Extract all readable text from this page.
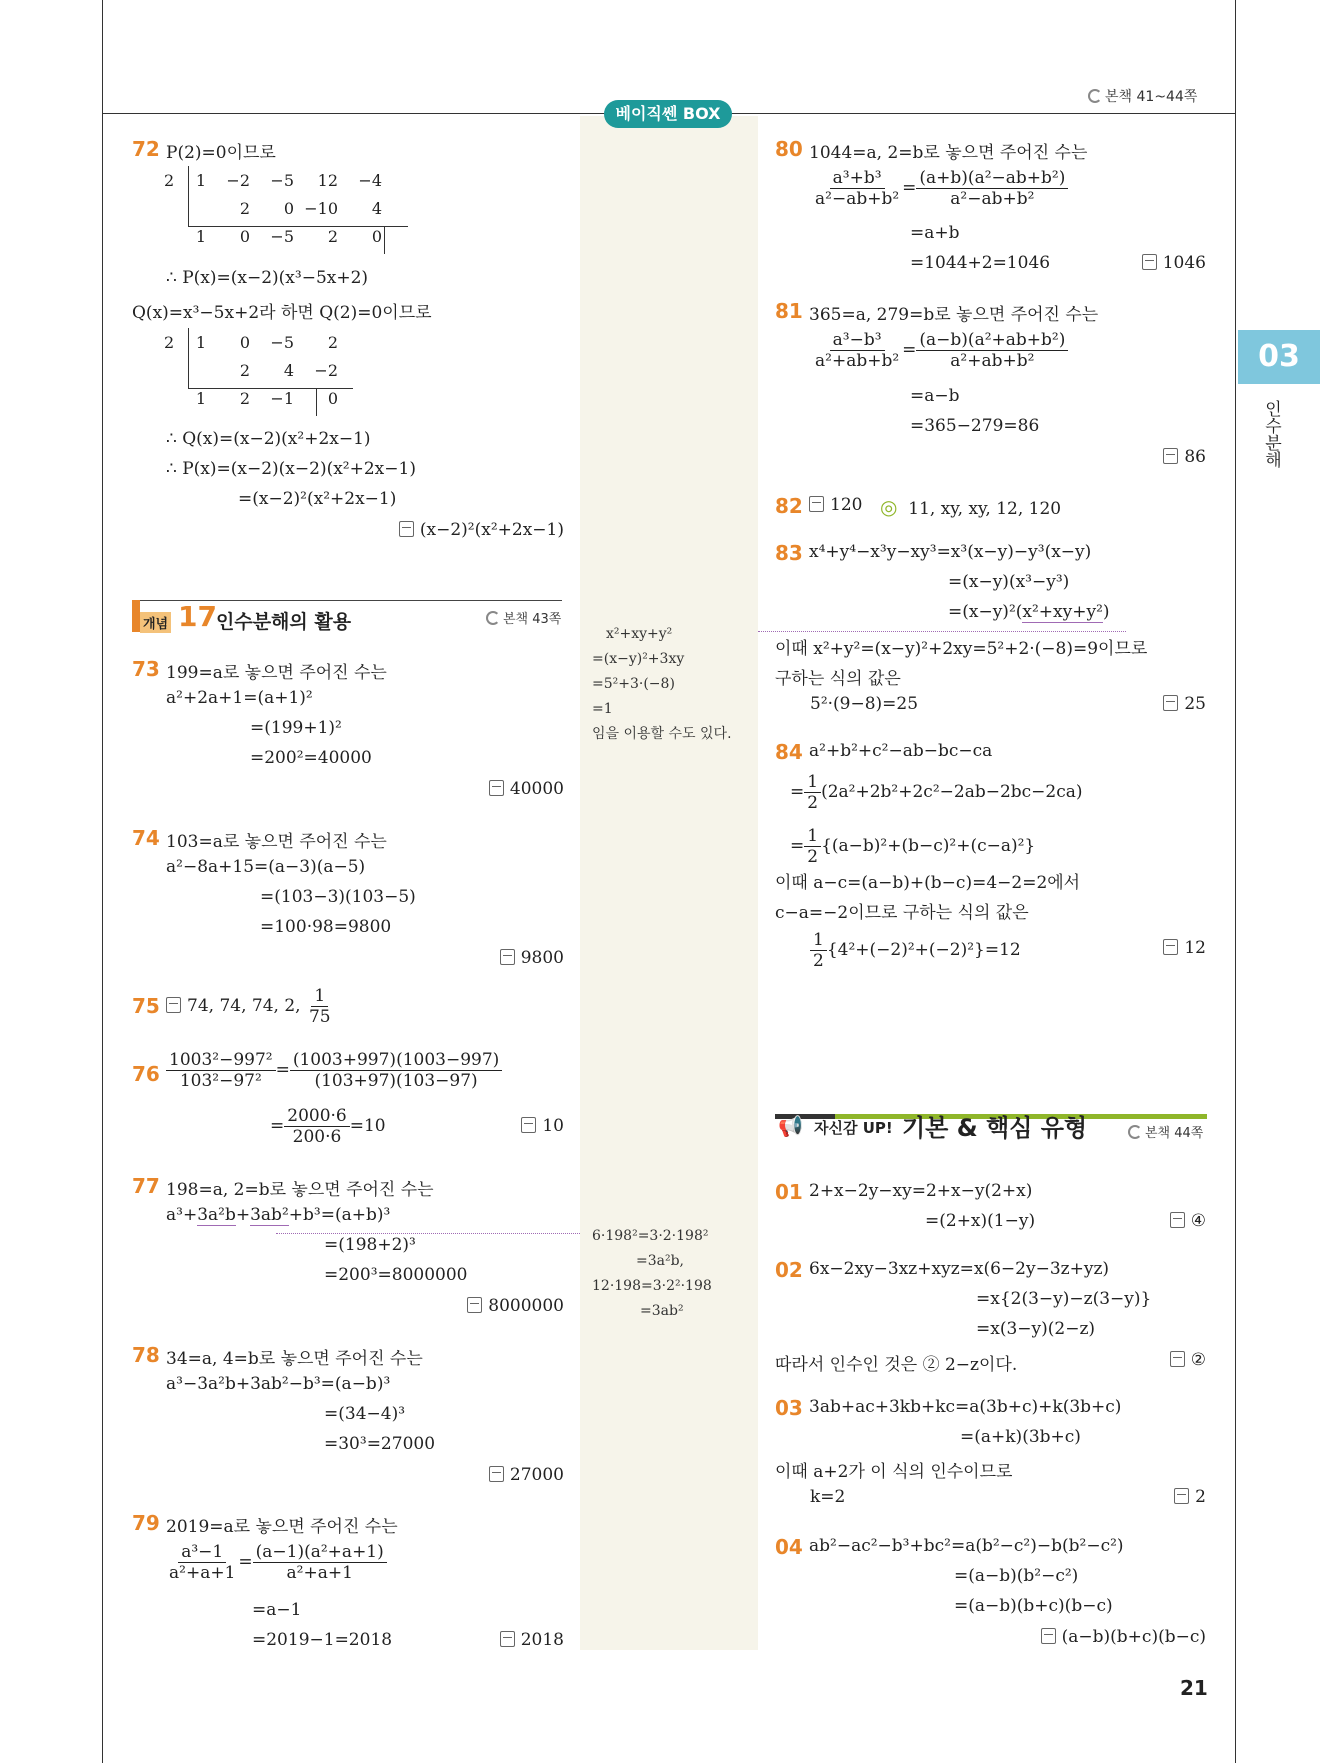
본책 41~44쪽
베이직쎈 BOX
03
인수분해
72 P(2)=0이므로
2	1	−2	−5	12	−4
		2	0	−10	4
	1	0	−5	2	0
∴ P(x)=(x−2)(x³−5x+2)
Q(x)=x³−5x+2라 하면 Q(2)=0이므로
2	1	0	−5	2
		2	4	−2
	1	2	−1	0
∴ Q(x)=(x−2)(x²+2x−1)
∴ P(x)=(x−2)(x−2)(x²+2x−1)
=(x−2)²(x²+2x−1)
(x−2)²(x²+2x−1)
개념 17 인수분해의 활용	본책 43쪽
73 199=a로 놓으면 주어진 수는
a²+2a+1=(a+1)²
=(199+1)²
=200²=40000
40000
74 103=a로 놓으면 주어진 수는
a²−8a+15=(a−3)(a−5)
=(103−3)(103−5)
=100·98=9800
9800
75	74, 74, 74, 2, $\frac{1}{75}$
$76 \frac{\text{1003²−997²}}{\text{103²−97²}} = \frac{(1003+997)(1003-997)}{(103+97)(103-97)}$
= $\frac{2000\cdot 6}{200\cdot 6} =10$	10
77 198=a, 2=b로 놓으면 주어진 수는
a³+3a²b+3ab²+b³=(a+b)³
=(198+2)³
=200³=8000000
8000000
78 34=a, 4=b로 놓으면 주어진 수는
a³−3a²b+3ab²−b³=(a−b)³
=(34−4)³
=30³=27000
27000
79 2019=a로 놓으면 주어진 수는
$\frac{\text{a³−1}}{\text{a²+a+1}} = \frac{\text{(a−1)(a²+a+1)}}{\text{a²+a+1}}$
=a−1
=2019−1=2018	2018
x²+xy+y²
=(x−y)²+3xy
=5²+3·(−8)
=1
임을 이용할 수도 있다.
6·198²=3·2·198²
=3a²b,
12·198=3·2²·198
=3ab²
80 1044=a, 2=b로 놓으면 주어진 수는
$\frac{\text{a³+b³}}{\text{a²−ab+b²}} = \frac{\text{(a+b)(a²−ab+b²)}}{\text{a²−ab+b²}}$
=a+b
=1044+2=1046	1046
81 365=a, 279=b로 놓으면 주어진 수는
$\frac{\text{a³−b³}}{\text{a²+ab+b²}} = \frac{\text{(a−b)(a²+ab+b²)}}{\text{a²+ab+b²}}$
=a−b
=365−279=86
86
82	120 ◎ 11, xy, xy, 12, 120
83 x⁴+y⁴−x³y−xy³=x³(x−y)−y³(x−y)
=(x−y)(x³−y³)
=(x−y)²(x²+xy+y²)
이때 x²+y²=(x−y)²+2xy=5²+2·(−8)=9이므로
구하는 식의 값은
5²·(9−8)=25	25
84 a²+b²+c²−ab−bc−ca
= $\frac{1}{2} (2a^2+2b^2+2c^2-2ab-2bc-2ca)$
= $\frac{1}{2} \{(a-b)^2+(b-c)^2+(c-a)^2\}$
이때 a−c=(a−b)+(b−c)=4−2=2에서
c−a=−2이므로 구하는 식의 값은
$\frac{1}{2} \{4^2+(-2)^2+(-2)^2\}=12$	12
📢 자신감 UP! 기본 & 핵심 유형	본책 44쪽
01 2+x−2y−xy=2+x−y(2+x)
=(2+x)(1−y)	④
02 6x−2xy−3xz+xyz=x(6−2y−3z+yz)
=x{2(3−y)−z(3−y)}
=x(3−y)(2−z)
따라서 인수인 것은 ② 2−z이다.	②
03 3ab+ac+3kb+kc=a(3b+c)+k(3b+c)
=(a+k)(3b+c)
이때 a+2가 이 식의 인수이므로
k=2	2
04 ab²−ac²−b³+bc²=a(b²−c²)−b(b²−c²)
=(a−b)(b²−c²)
=(a−b)(b+c)(b−c)
(a−b)(b+c)(b−c)
21
